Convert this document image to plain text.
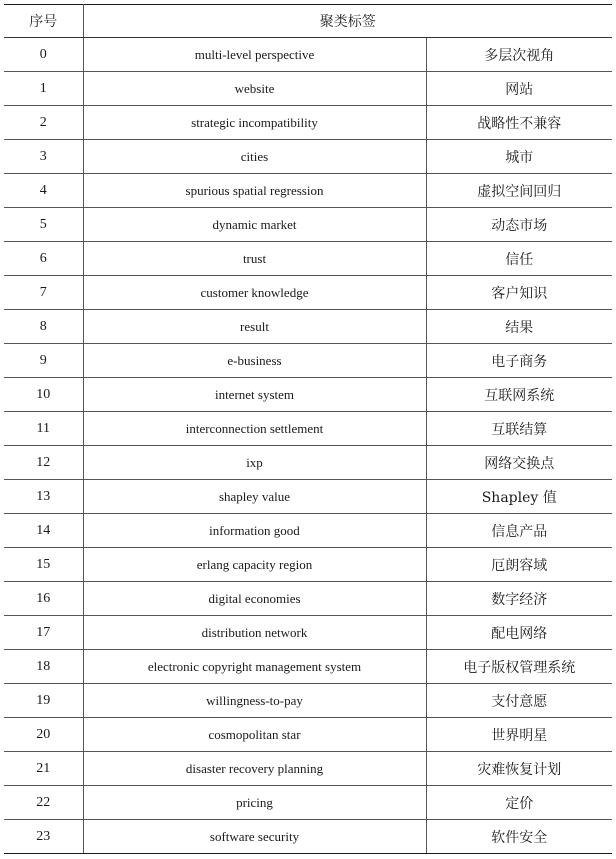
序号	聚类标签	
0	multi-level perspective	多层次视角
1	website	网站
2	strategic incompatibility	战略性不兼容
3	cities	城市
4	spurious spatial regression	虚拟空间回归
5	dynamic market	动态市场
6	trust	信任
7	customer knowledge	客户知识
8	result	结果
9	e-business	电子商务
10	internet system	互联网系统
11	interconnection settlement	互联结算
12	ixp	网络交换点
13	shapley value	Shapley 值
14	information good	信息产品
15	erlang capacity region	厄朗容域
16	digital economies	数字经济
17	distribution network	配电网络
18	electronic copyright management system	电子版权管理系统
19	willingness-to-pay	支付意愿
20	cosmopolitan star	世界明星
21	disaster recovery planning	灾难恢复计划
22	pricing	定价
23	software security	软件安全
